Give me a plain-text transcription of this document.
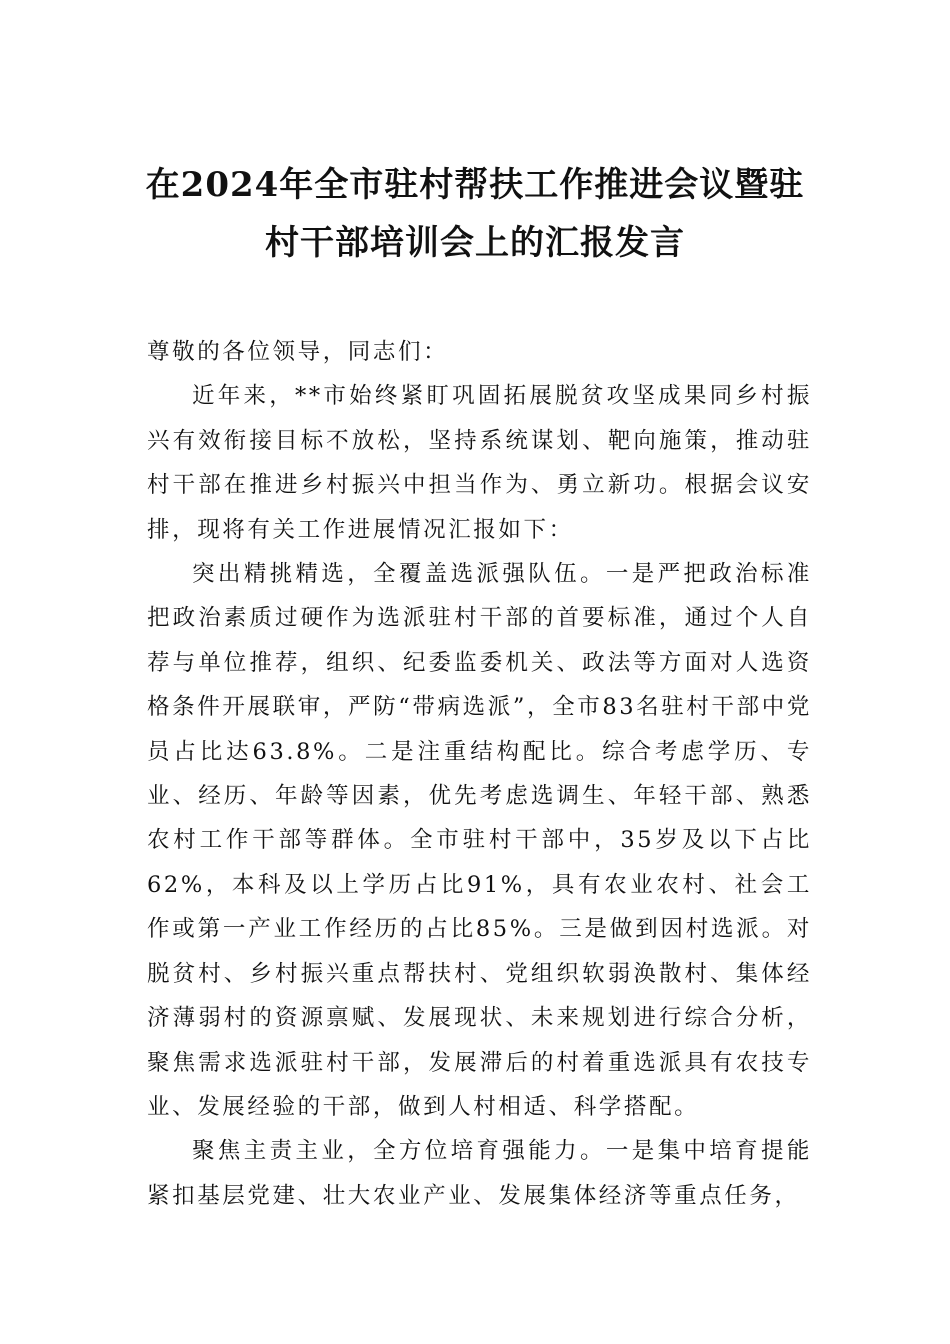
在2024年全市驻村帮扶工作推进会议暨驻
村干部培训会上的汇报发言

尊敬的各位领导，同志们：

近年来，**市始终紧盯巩固拓展脱贫攻坚成果同乡村振兴有效衔接目标不放松，坚持系统谋划、靶向施策，推动驻村干部在推进乡村振兴中担当作为、勇立新功。根据会议安排，现将有关工作进展情况汇报如下：

突出精挑精选，全覆盖选派强队伍。一是严把政治标准把政治素质过硬作为选派驻村干部的首要标准，通过个人自荐与单位推荐，组织、纪委监委机关、政法等方面对人选资格条件开展联审，严防“带病选派”，全市83名驻村干部中党员占比达63.8%。二是注重结构配比。综合考虑学历、专业、经历、年龄等因素，优先考虑选调生、年轻干部、熟悉农村工作干部等群体。全市驻村干部中，35岁及以下占比62%，本科及以上学历占比91%，具有农业农村、社会工作或第一产业工作经历的占比85%。三是做到因村选派。对脱贫村、乡村振兴重点帮扶村、党组织软弱涣散村、集体经济薄弱村的资源禀赋、发展现状、未来规划进行综合分析，聚焦需求选派驻村干部，发展滞后的村着重选派具有农技专业、发展经验的干部，做到人村相适、科学搭配。

聚焦主责主业，全方位培育强能力。一是集中培育提能紧扣基层党建、壮大农业产业、发展集体经济等重点任务，
